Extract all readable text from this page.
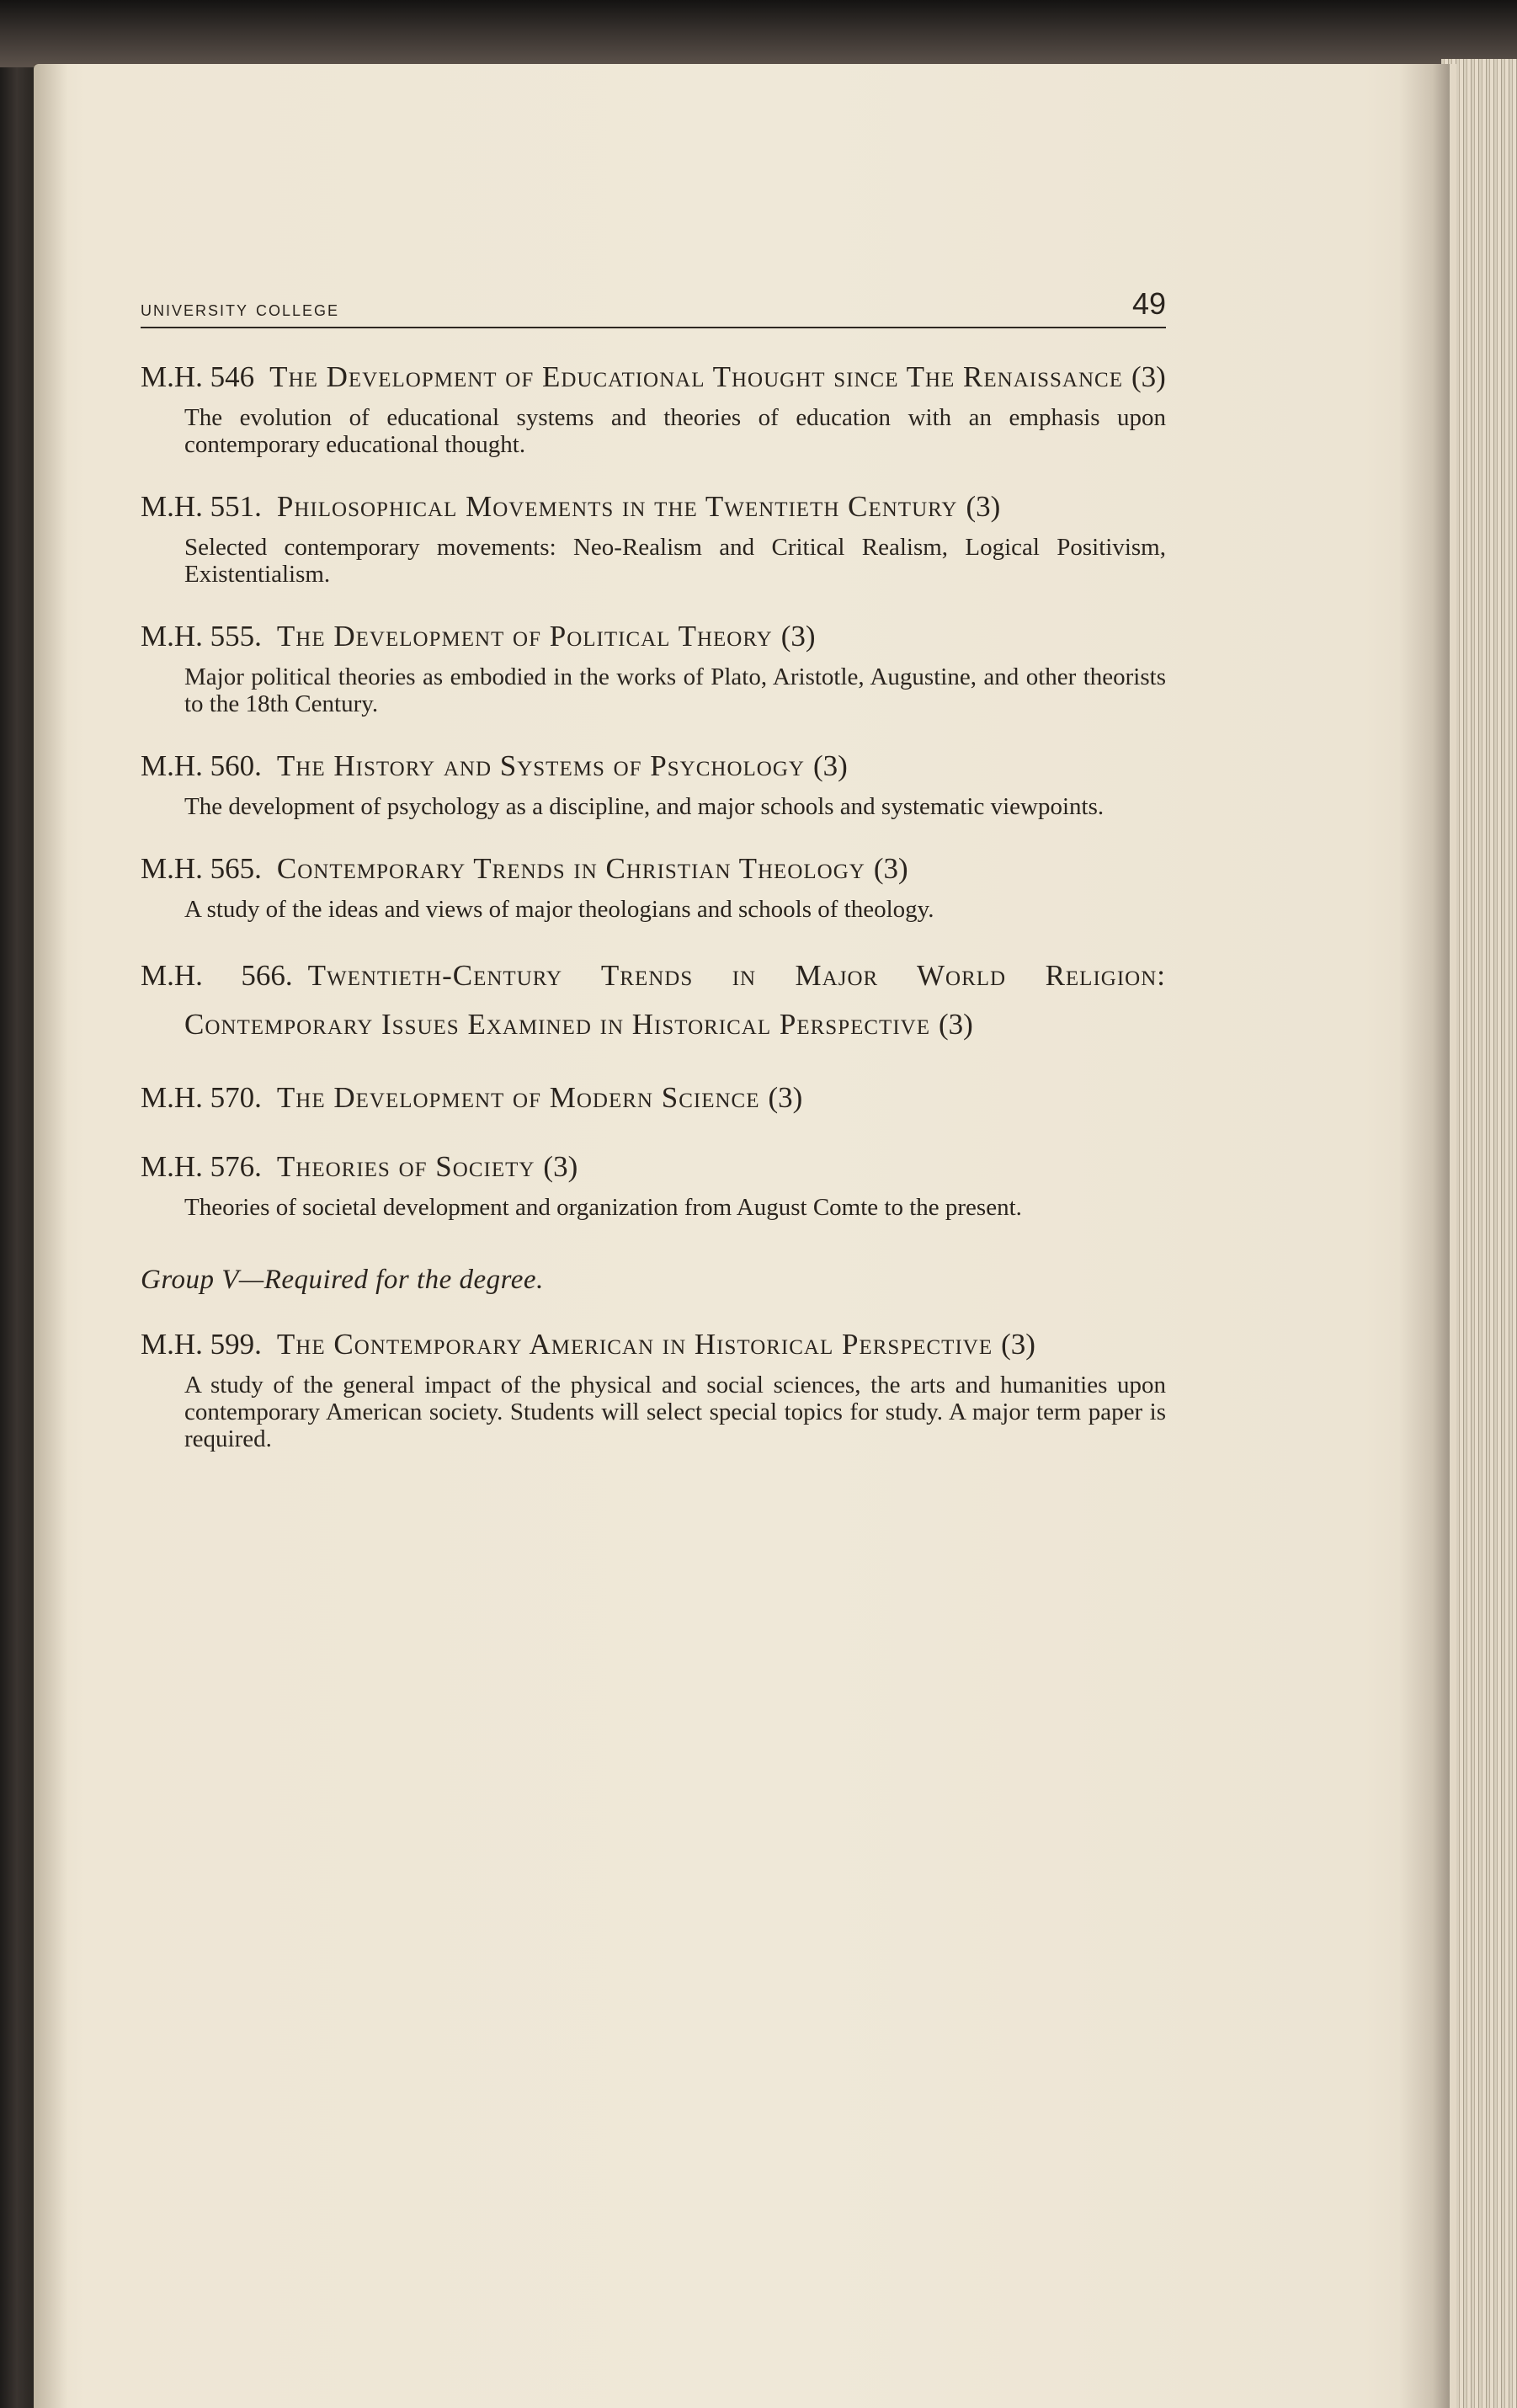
university college	49
M.H. 546 The Development of Educational Thought since The Renaissance (3)
The evolution of educational systems and theories of education with an emphasis upon contemporary educational thought.
M.H. 551. Philosophical Movements in the Twentieth Century (3)
Selected contemporary movements: Neo-Realism and Critical Realism, Logical Positivism, Existentialism.
M.H. 555. The Development of Political Theory (3)
Major political theories as embodied in the works of Plato, Aristotle, Augustine, and other theorists to the 18th Century.
M.H. 560. The History and Systems of Psychology (3)
The development of psychology as a discipline, and major schools and systematic viewpoints.
M.H. 565. Contemporary Trends in Christian Theology (3)
A study of the ideas and views of major theologians and schools of theology.
M.H. 566. Twentieth-Century Trends in Major World Religion: Contemporary Issues Examined in Historical Perspective (3)
M.H. 570. The Development of Modern Science (3)
M.H. 576. Theories of Society (3)
Theories of societal development and organization from August Comte to the present.
Group V—Required for the degree.
M.H. 599. The Contemporary American in Historical Perspective (3)
A study of the general impact of the physical and social sciences, the arts and humanities upon contemporary American society. Students will select special topics for study. A major term paper is required.
